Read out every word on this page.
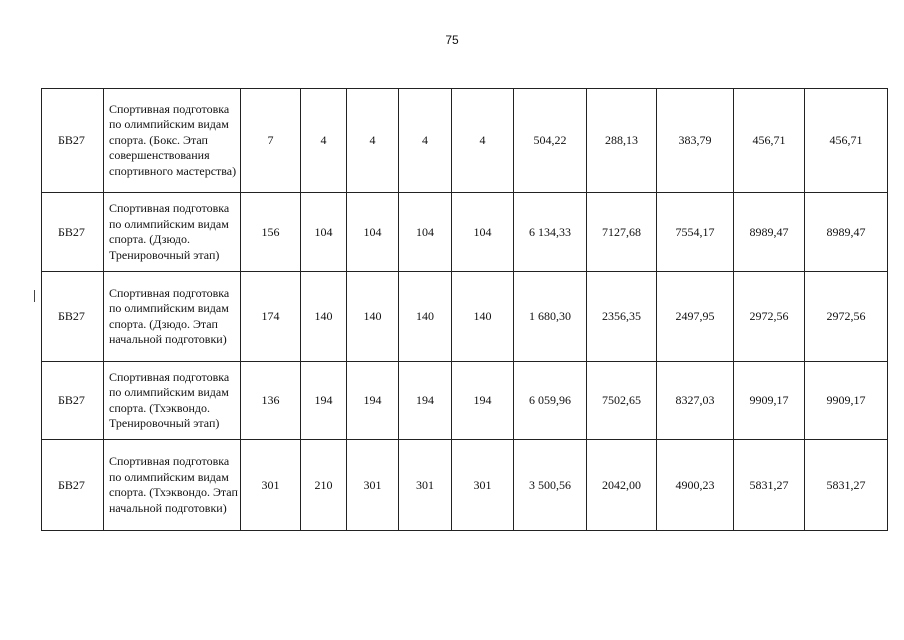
75
БВ27	Спортивная подготовка по олимпийским видам спорта. (Бокс. Этап совершенствования спортивного мастерства)	7	4	4	4	4	504,22	288,13	383,79	456,71	456,71
БВ27	Спортивная подготовка по олимпийским видам спорта. (Дзюдо. Тренировочный этап)	156	104	104	104	104	6 134,33	7127,68	7554,17	8989,47	8989,47
БВ27	Спортивная подготовка по олимпийским видам спорта. (Дзюдо. Этап начальной подготовки)	174	140	140	140	140	1 680,30	2356,35	2497,95	2972,56	2972,56
БВ27	Спортивная подготовка по олимпийским видам спорта. (Тхэквондо. Тренировочный этап)	136	194	194	194	194	6 059,96	7502,65	8327,03	9909,17	9909,17
БВ27	Спортивная подготовка по олимпийским видам спорта. (Тхэквондо. Этап начальной подготовки)	301	210	301	301	301	3 500,56	2042,00	4900,23	5831,27	5831,27
